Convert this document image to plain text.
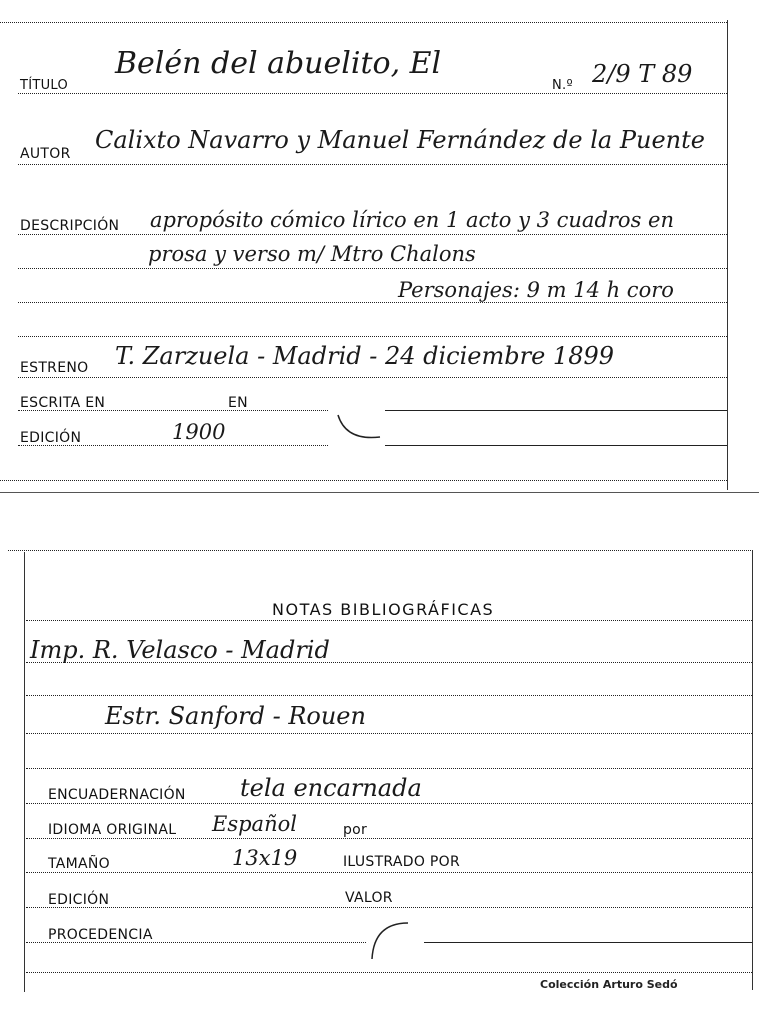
TÍTULO
Belén del abuelito, El
N.º 2/9 T 89
AUTOR Calixto Navarro y Manuel Fernández de la Puente
DESCRIPCIÓN apropósito cómico lírico en 1 acto y 3 cuadros en
prosa y verso m/ Mtro Chalons
Personajes: 9 m 14 h coro
ESTRENO T. Zarzuela - Madrid - 24 diciembre 1899
ESCRITA EN	EN
EDICIÓN	1900
NOTAS BIBLIOGRÁFICAS
Imp. R. Velasco - Madrid
Estr. Sanford - Rouen
ENCUADERNACIÓN tela encarnada
IDIOMA ORIGINAL Español	por
TAMAÑO	13x19	ILUSTRADO POR
EDICIÓN	VALOR
PROCEDENCIA
Colección Arturo Sedó
